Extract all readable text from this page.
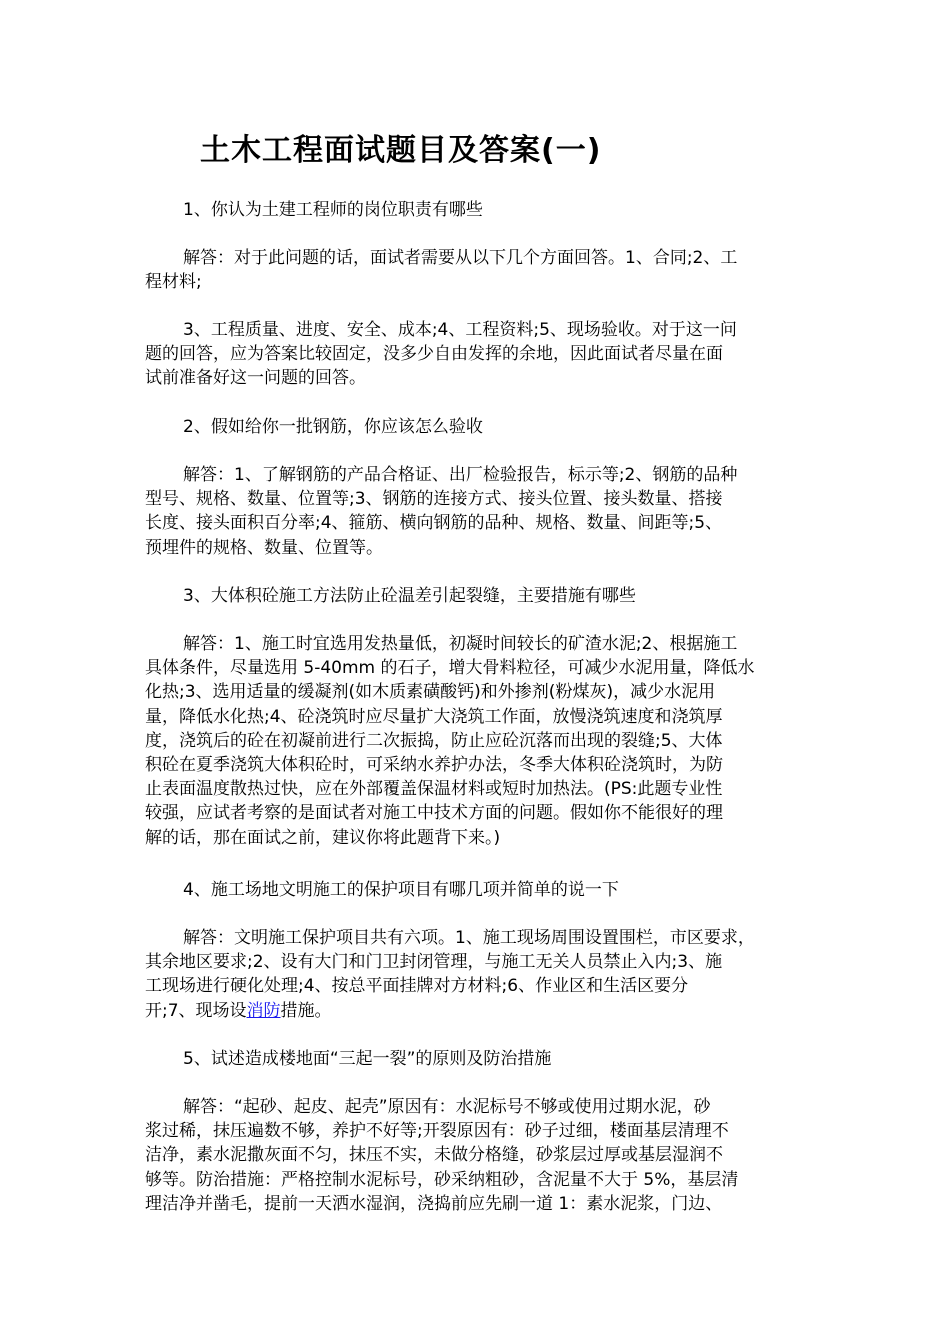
土木工程面试题目及答案(一)

1、你认为土建工程师的岗位职责有哪些

解答：对于此问题的话，面试者需要从以下几个方面回答。1、合同;2、工
程材料;

3、工程质量、进度、安全、成本;4、工程资料;5、现场验收。对于这一问
题的回答，应为答案比较固定，没多少自由发挥的余地，因此面试者尽量在面
试前准备好这一问题的回答。

2、假如给你一批钢筋，你应该怎么验收

解答：1、了解钢筋的产品合格证、出厂检验报告，标示等;2、钢筋的品种
型号、规格、数量、位置等;3、钢筋的连接方式、接头位置、接头数量、搭接
长度、接头面积百分率;4、箍筋、横向钢筋的品种、规格、数量、间距等;5、
预埋件的规格、数量、位置等。

3、大体积砼施工方法防止砼温差引起裂缝，主要措施有哪些

解答：1、施工时宜选用发热量低，初凝时间较长的矿渣水泥;2、根据施工
具体条件，尽量选用 5-40mm 的石子，增大骨料粒径，可减少水泥用量，降低水
化热;3、选用适量的缓凝剂(如木质素磺酸钙)和外掺剂(粉煤灰)，减少水泥用
量，降低水化热;4、砼浇筑时应尽量扩大浇筑工作面，放慢浇筑速度和浇筑厚
度，浇筑后的砼在初凝前进行二次振捣，防止应砼沉落而出现的裂缝;5、大体
积砼在夏季浇筑大体积砼时，可采纳水养护办法，冬季大体积砼浇筑时，为防
止表面温度散热过快，应在外部覆盖保温材料或短时加热法。(PS:此题专业性
较强，应试者考察的是面试者对施工中技术方面的问题。假如你不能很好的理
解的话，那在面试之前，建议你将此题背下来。)

4、施工场地文明施工的保护项目有哪几项并简单的说一下

解答：文明施工保护项目共有六项。1、施工现场周围设置围栏，市区要求，
其余地区要求;2、设有大门和门卫封闭管理，与施工无关人员禁止入内;3、施
工现场进行硬化处理;4、按总平面挂牌对方材料;6、作业区和生活区要分
开;7、现场设消防措施。

5、试述造成楼地面“三起一裂”的原则及防治措施

解答：“起砂、起皮、起壳”原因有：水泥标号不够或使用过期水泥，砂
浆过稀，抹压遍数不够，养护不好等;开裂原因有：砂子过细，楼面基层清理不
洁净，素水泥撒灰面不匀，抹压不实，未做分格缝，砂浆层过厚或基层湿润不
够等。防治措施：严格控制水泥标号，砂采纳粗砂，含泥量不大于 5%，基层清
理洁净并凿毛，提前一天洒水湿润，浇捣前应先刷一道 1：素水泥浆，门边、
